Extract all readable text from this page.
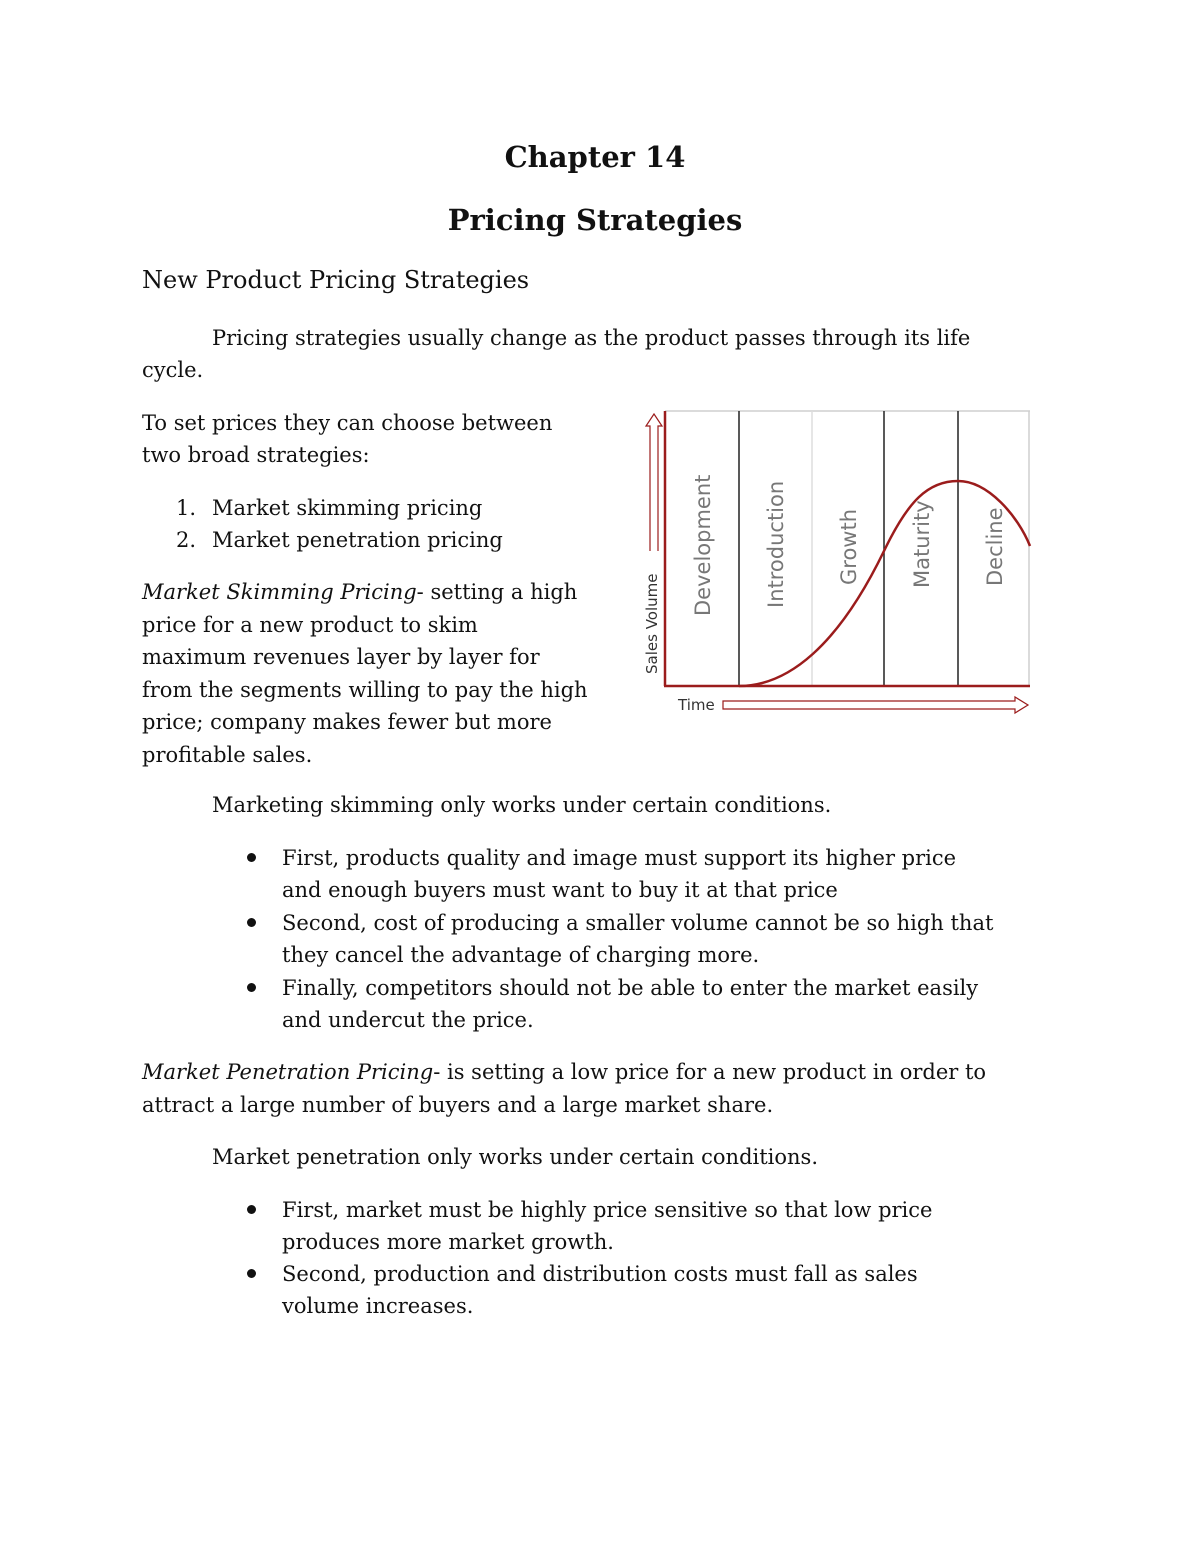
Chapter 14
Pricing Strategies
New Product Pricing Strategies

Pricing strategies usually change as the product passes through its life

cycle.

To set prices they can choose between

two broad strategies:

1. Market skimming pricing
2. Market penetration pricing

Market Skimming Pricing- setting a high

price for a new product to skim

maximum revenues layer by layer for

from the segments willing to pay the high

price; company makes fewer but more

profitable sales.

Development Introduction Growth Maturity Decline
Sales Volume
Time

Marketing skimming only works under certain conditions.

First, products quality and image must support its higher price

and enough buyers must want to buy it at that price

Second, cost of producing a smaller volume cannot be so high that

they cancel the advantage of charging more.

Finally, competitors should not be able to enter the market easily

and undercut the price.

Market Penetration Pricing- is setting a low price for a new product in order to

attract a large number of buyers and a large market share.

Market penetration only works under certain conditions.

First, market must be highly price sensitive so that low price

produces more market growth.

Second, production and distribution costs must fall as sales

volume increases.
